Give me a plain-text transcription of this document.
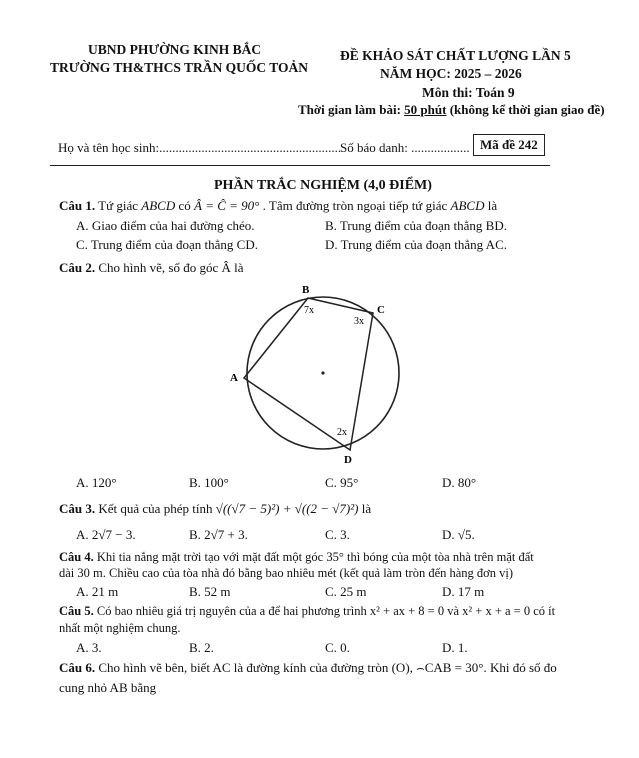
UBND PHƯỜNG KINH BẮC
TRƯỜNG TH&THCS TRẦN QUỐC TOẢN
ĐỀ KHẢO SÁT CHẤT LƯỢNG LẦN 5
NĂM HỌC: 2025 – 2026
Môn thi: Toán 9
Thời gian làm bài: 50 phút (không kể thời gian giao đề)
Họ và tên học sinh:........................................................
Số báo danh: .................. Mã đề 242
PHẦN TRẮC NGHIỆM (4,0 ĐIỂM)
Câu 1. Tứ giác ABCD có Â = Ĉ = 90° . Tâm đường tròn ngoại tiếp tứ giác ABCD là
A. Giao điểm của hai đường chéo.	B. Trung điểm của đoạn thẳng BD.
C. Trung điểm của đoạn thẳng CD.	D. Trung điểm của đoạn thẳng AC.
Câu 2. Cho hình vẽ, số đo góc Â là
B
C
A
D
7x
3x
2x
A. 120°	B. 100°	C. 95°	D. 80°
Câu 3. Kết quả của phép tính √((√7 − 5)²) + √((2 − √7)²) là
A. 2√7 − 3.	B. 2√7 + 3.	C. 3.	D. √5.
Câu 4. Khi tia nắng mặt trời tạo với mặt đất một góc 35° thì bóng của một tòa nhà trên mặt đất
dài 30 m. Chiều cao của tòa nhà đó bằng bao nhiêu mét (kết quả làm tròn đến hàng đơn vị)
A. 21 m	B. 52 m	C. 25 m	D. 17 m
Câu 5. Có bao nhiêu giá trị nguyên của a để hai phương trình x² + ax + 8 = 0 và x² + x + a = 0 có ít
nhất một nghiệm chung.
A. 3.	B. 2.	C. 0.	D. 1.
Câu 6. Cho hình vẽ bên, biết AC là đường kính của đường tròn (O), ⌢CAB = 30°. Khi đó số đo
cung nhỏ AB bằng
